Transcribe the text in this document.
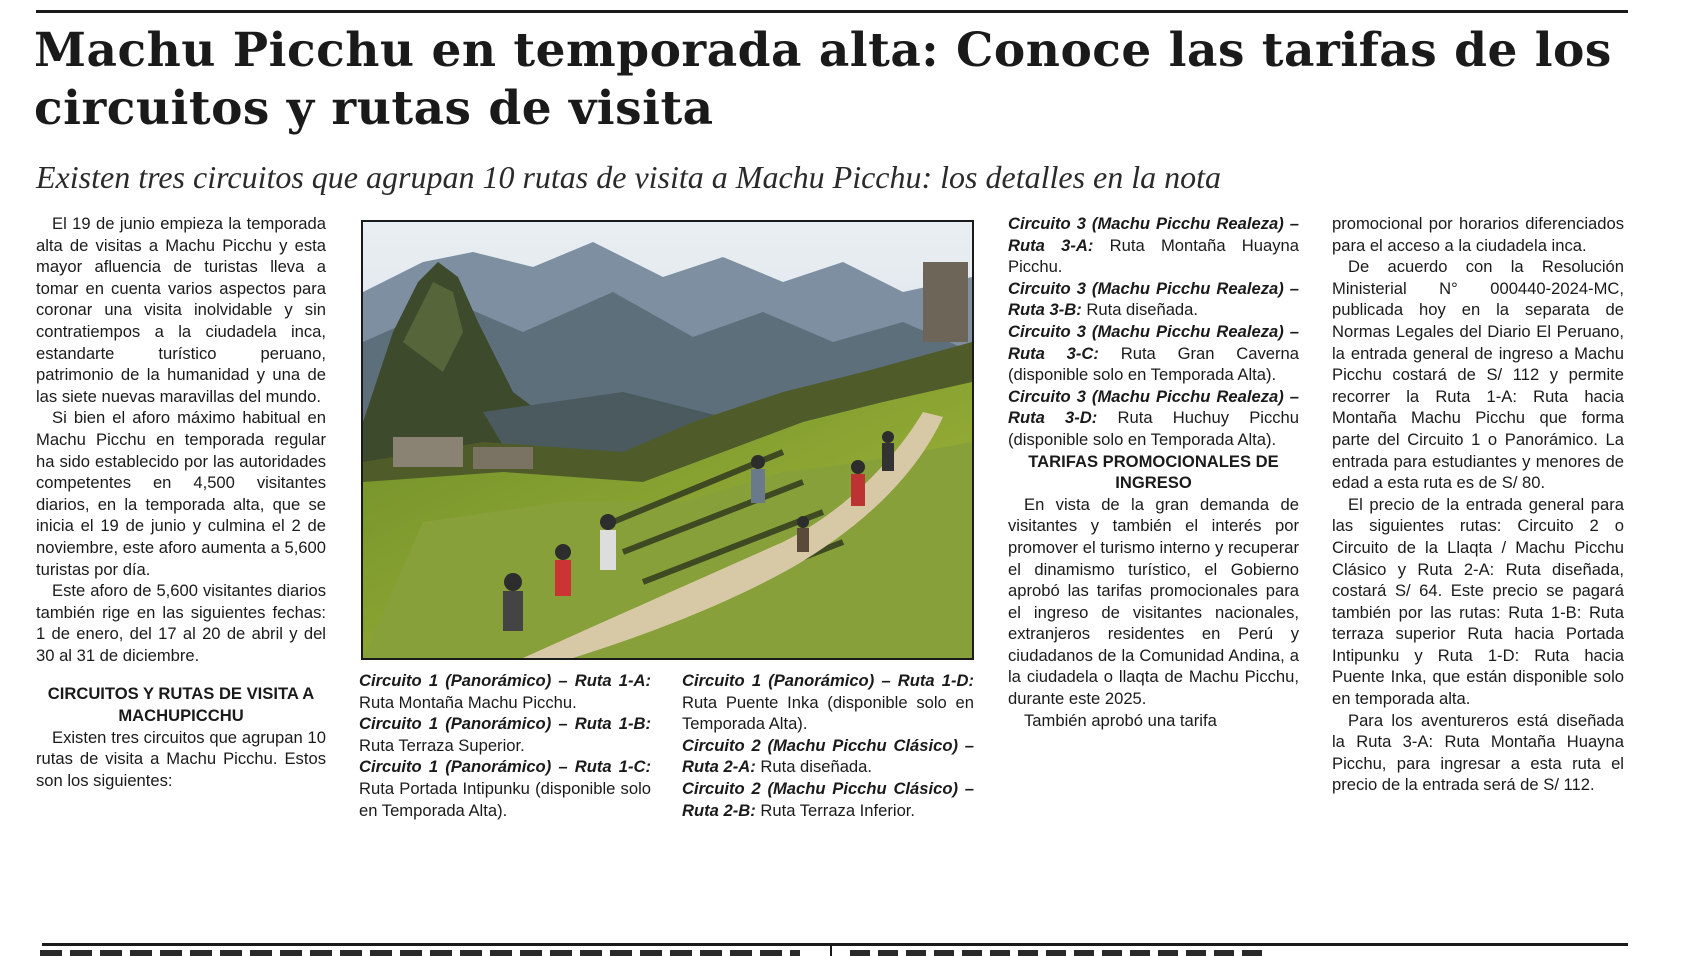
Machu Picchu en temporada alta: Conoce las tarifas de los circuitos y rutas de visita

Existen tres circuitos que agrupan 10 rutas de visita a Machu Picchu: los detalles en la nota

El 19 de junio empieza la temporada alta de visitas a Machu Picchu y esta mayor afluencia de turistas lleva a tomar en cuenta varios aspectos para coronar una visita inolvidable y sin contratiempos a la ciudadela inca, estandarte turístico peruano, patrimonio de la humanidad y una de las siete nuevas maravillas del mundo.

Si bien el aforo máximo habitual en Machu Picchu en temporada regular ha sido establecido por las autoridades competentes en 4,500 visitantes diarios, en la temporada alta, que se inicia el 19 de junio y culmina el 2 de noviembre, este aforo aumenta a 5,600 turistas por día.

Este aforo de 5,600 visitantes diarios también rige en las siguientes fechas: 1 de enero, del 17 al 20 de abril y del 30 al 31 de diciembre.

CIRCUITOS Y RUTAS DE VISITA A MACHUPICCHU

Existen tres circuitos que agrupan 10 rutas de visita a Machu Picchu. Estos son los siguientes:

Circuito 1 (Panorámico) – Ruta 1-A: Ruta Montaña Machu Picchu.

Circuito 1 (Panorámico) – Ruta 1-B: Ruta Terraza Superior.

Circuito 1 (Panorámico) – Ruta 1-C: Ruta Portada Intipunku (disponible solo en Temporada Alta).

Circuito 1 (Panorámico) – Ruta 1-D: Ruta Puente Inka (disponible solo en Temporada Alta).

Circuito 2 (Machu Picchu Clásico) – Ruta 2-A: Ruta diseñada.

Circuito 2 (Machu Picchu Clásico) – Ruta 2-B: Ruta Terraza Inferior.

Circuito 3 (Machu Picchu Realeza) – Ruta 3-A: Ruta Montaña Huayna Picchu.

Circuito 3 (Machu Picchu Realeza) – Ruta 3-B: Ruta diseñada.

Circuito 3 (Machu Picchu Realeza) – Ruta 3-C: Ruta Gran Caverna (disponible solo en Temporada Alta).

Circuito 3 (Machu Picchu Realeza) – Ruta 3-D: Ruta Huchuy Picchu (disponible solo en Temporada Alta).

TARIFAS PROMOCIONALES DE INGRESO

En vista de la gran demanda de visitantes y también el interés por promover el turismo interno y recuperar el dinamismo turístico, el Gobierno aprobó las tarifas promocionales para el ingreso de visitantes nacionales, extranjeros residentes en Perú y ciudadanos de la Comunidad Andina, a la ciudadela o llaqta de Machu Picchu, durante este 2025.

También aprobó una tarifa

promocional por horarios diferenciados para el acceso a la ciudadela inca.

De acuerdo con la Resolución Ministerial N° 000440-2024-MC, publicada hoy en la separata de Normas Legales del Diario El Peruano, la entrada general de ingreso a Machu Picchu costará de S/ 112 y permite recorrer la Ruta 1-A: Ruta hacia Montaña Machu Picchu que forma parte del Circuito 1 o Panorámico. La entrada para estudiantes y menores de edad a esta ruta es de S/ 80.

El precio de la entrada general para las siguientes rutas: Circuito 2 o Circuito de la Llaqta / Machu Picchu Clásico y Ruta 2-A: Ruta diseñada, costará S/ 64. Este precio se pagará también por las rutas: Ruta 1-B: Ruta terraza superior Ruta hacia Portada Intipunku y Ruta 1-D: Ruta hacia Puente Inka, que están disponible solo en temporada alta.

Para los aventureros está diseñada la Ruta 3-A: Ruta Montaña Huayna Picchu, para ingresar a esta ruta el precio de la entrada será de S/ 112.
